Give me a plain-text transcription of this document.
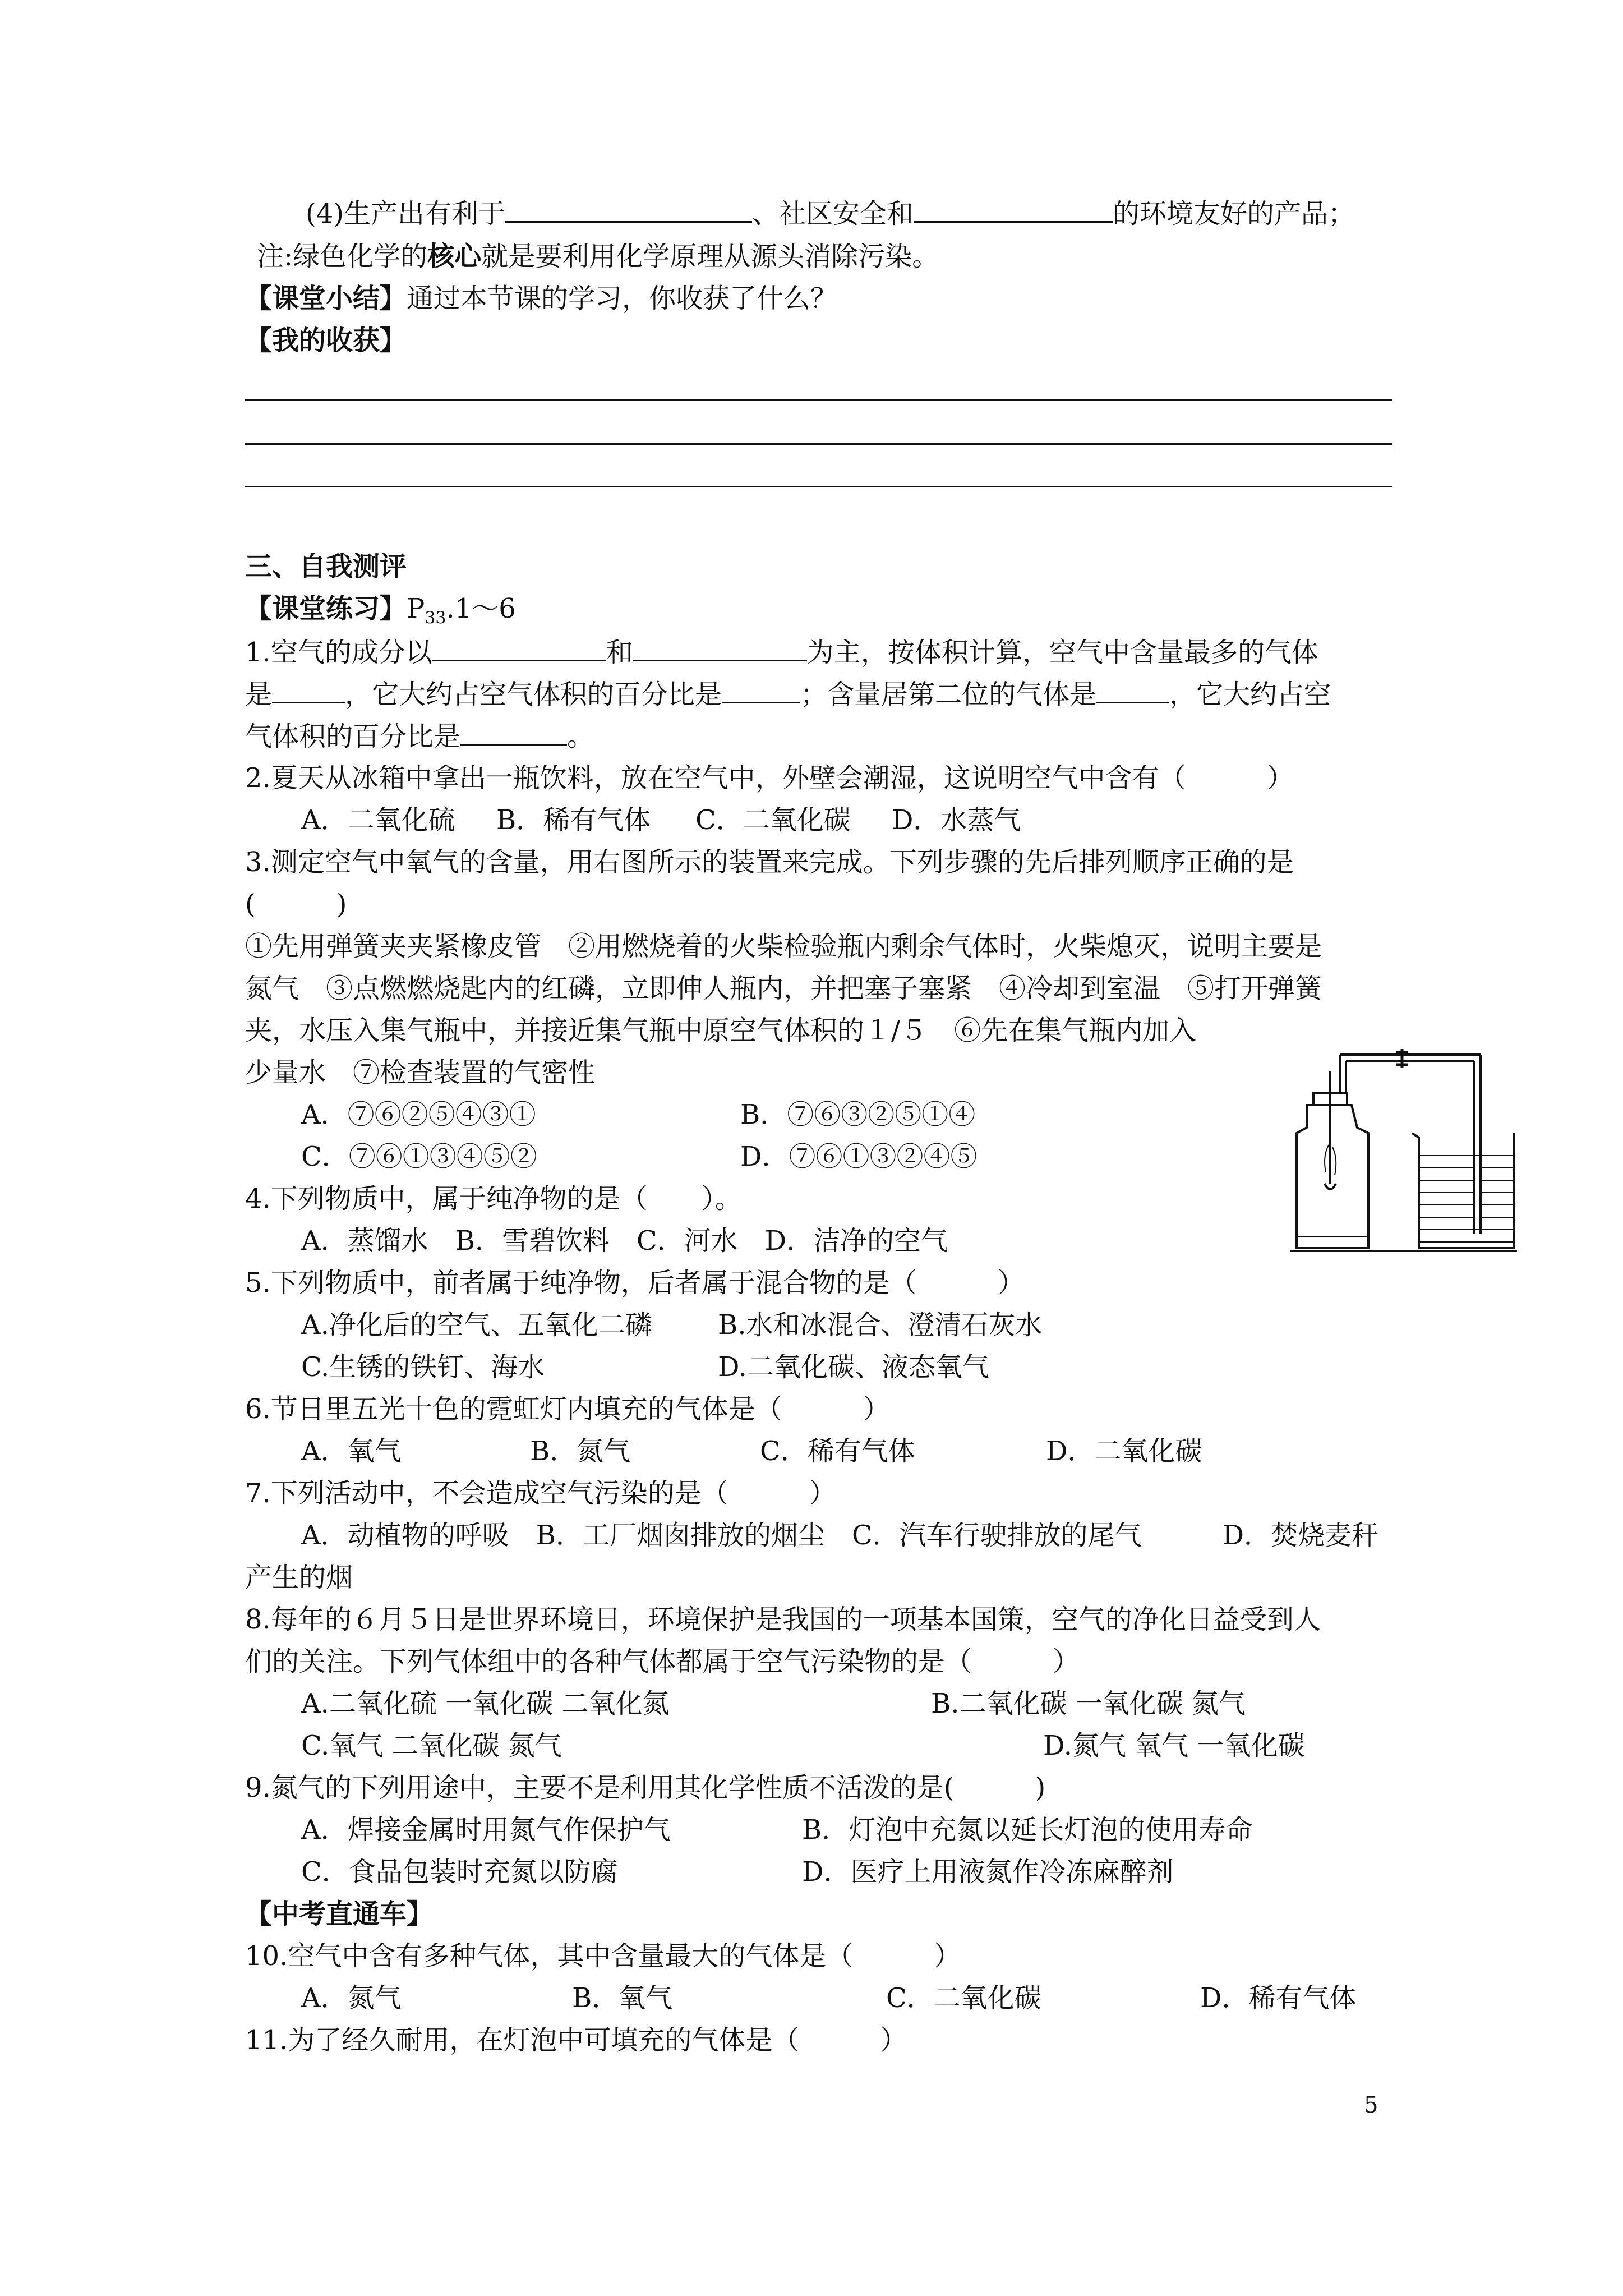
(4)生产出有利于	、社区安全和	的环境友好的产品；
注:绿色化学的核心就是要利用化学原理从源头消除污染。
【课堂小结】通过本节课的学习，你收获了什么？
【我的收获】
三、自我测评
【课堂练习】$P_{33}.1\sim 6$
1.空气的成分以	和	为主，按体积计算，空气中含量最多的气体
是	，它大约占空气体积的百分比是	；含量居第二位的气体是	，它大约占空
气体积的百分比是	。
2.夏天从冰箱中拿出一瓶饮料，放在空气中，外壁会潮湿，这说明空气中含有（　　　）
A．二氧化硫 B．稀有气体 C．二氧化碳 D．水蒸气
3.测定空气中氧气的含量，用右图所示的装置来完成。下列步骤的先后排列顺序正确的是
(　　　)
①先用弹簧夹夹紧橡皮管　②用燃烧着的火柴检验瓶内剩余气体时，火柴熄灭，说明主要是
氮气　③点燃燃烧匙内的红磷，立即伸人瓶内，并把塞子塞紧　④冷却到室温　⑤打开弹簧
夹，水压入集气瓶中，并接近集气瓶中原空气体积的１/５　⑥先在集气瓶内加入
少量水　⑦检查装置的气密性
A．⑦⑥②⑤④③①	B．⑦⑥③②⑤①④
C．⑦⑥①③④⑤②	D．⑦⑥①③②④⑤
4.下列物质中，属于纯净物的是（　　）。
A．蒸馏水　B．雪碧饮料　C．河水　D．洁净的空气
5.下列物质中，前者属于纯净物，后者属于混合物的是（　　　）
A.净化后的空气、五氧化二磷 B.水和冰混合、澄清石灰水
C.生锈的铁钉、海水	D.二氧化碳、液态氧气
6.节日里五光十色的霓虹灯内填充的气体是（　　　）
A．氧气	B．氮气	C．稀有气体	D．二氧化碳
7.下列活动中，不会造成空气污染的是（　　　）
A．动植物的呼吸　B．工厂烟囱排放的烟尘　C．汽车行驶排放的尾气　　　D．焚烧麦秆
产生的烟
8.每年的６月５日是世界环境日，环境保护是我国的一项基本国策，空气的净化日益受到人
们的关注。下列气体组中的各种气体都属于空气污染物的是（　　　）
A.二氧化硫 一氧化碳 二氧化氮	B.二氧化碳 一氧化碳 氮气
C.氧气 二氧化碳 氮气	D.氮气 氧气 一氧化碳
9.氮气的下列用途中，主要不是利用其化学性质不活泼的是(　　　)
A．焊接金属时用氮气作保护气	B．灯泡中充氮以延长灯泡的使用寿命
C．食品包装时充氮以防腐	D．医疗上用液氮作冷冻麻醉剂
【中考直通车】
10.空气中含有多种气体，其中含量最大的气体是（　　　）
A．氮气	B．氧气	C．二氧化碳	D．稀有气体
11.为了经久耐用，在灯泡中可填充的气体是（　　　）
5
